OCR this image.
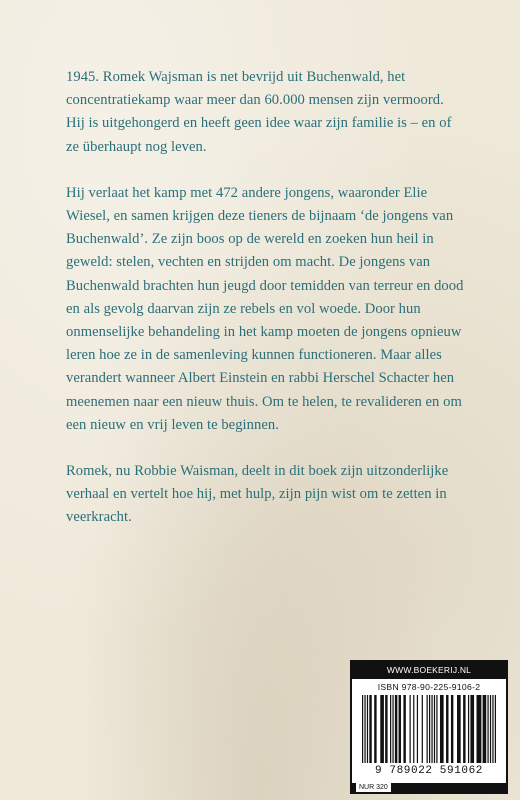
1945. Romek Wajsman is net bevrijd uit Buchenwald, het concentratiekamp waar meer dan 60.000 mensen zijn vermoord. Hij is uitgehongerd en heeft geen idee waar zijn familie is – en of ze überhaupt nog leven.

Hij verlaat het kamp met 472 andere jongens, waaronder Elie Wiesel, en samen krijgen deze tieners de bijnaam ‘de jongens van Buchenwald’. Ze zijn boos op de wereld en zoeken hun heil in geweld: stelen, vechten en strijden om macht. De jongens van Buchenwald brachten hun jeugd door temidden van terreur en dood en als gevolg daarvan zijn ze rebels en vol woede. Door hun onmenselijke behandeling in het kamp moeten de jongens opnieuw leren hoe ze in de samenleving kunnen functioneren. Maar alles verandert wanneer Albert Einstein en rabbi Herschel Schacter hen meenemen naar een nieuw thuis. Om te helen, te revalideren en om een nieuw en vrij leven te beginnen.

Romek, nu Robbie Waisman, deelt in dit boek zijn uitzonderlijke verhaal en vertelt hoe hij, met hulp, zijn pijn wist om te zetten in veerkracht.

WWW.BOEKERIJ.NL
ISBN 978-90-225-9106-2
9 789022 591062
NUR 320
